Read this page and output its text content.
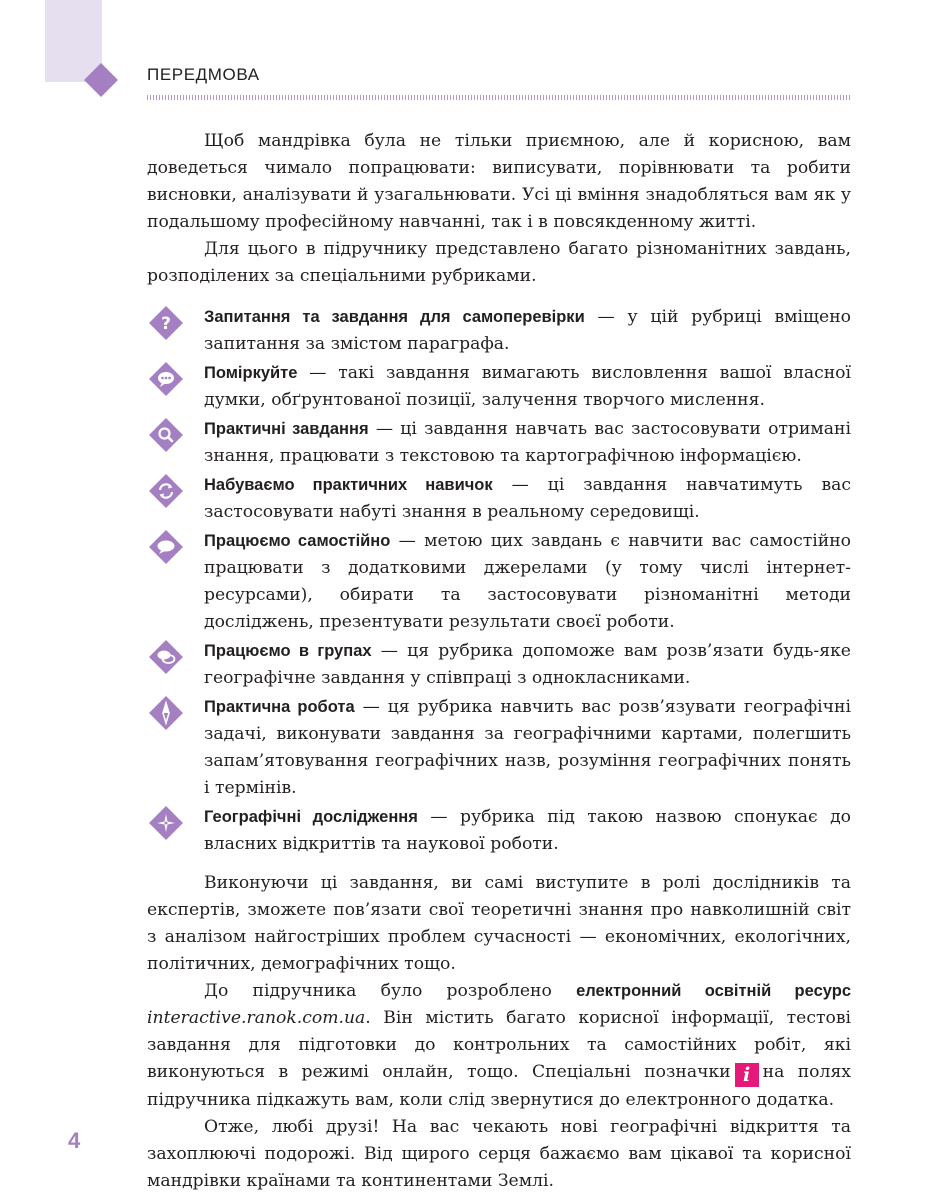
ПЕРЕДМОВА

Щоб мандрівка була не тільки приємною, але й корисною, вам доведеться чимало попрацювати: виписувати, порівнювати та робити висновки, аналізувати й узагальнювати. Усі ці вміння знадобляться вам як у подальшому професійному навчанні, так і в повсякденному житті.

Для цього в підручнику представлено багато різноманітних завдань, розподілених за спеціальними рубриками.

? Запитання та завдання для самоперевірки — у цій рубриці вміщено запитання за змістом параграфа.
Поміркуйте — такі завдання вимагають висловлення вашої власної думки, обґрунтованої позиції, залучення творчого мислення.
Практичні завдання — ці завдання навчать вас застосовувати отримані знання, працювати з текстовою та картографічною інформацією.
Набуваємо практичних навичок — ці завдання навчатимуть вас застосовувати набуті знання в реальному середовищі.
Працюємо самостійно — метою цих завдань є навчити вас самостійно працювати з додатковими джерелами (у тому числі інтернет-ресурсами), обирати та застосовувати різноманітні методи досліджень, презентувати результати своєї роботи.
Працюємо в групах — ця рубрика допоможе вам розв’язати будь-яке географічне завдання у співпраці з однокласниками.
Практична робота — ця рубрика навчить вас розв’язувати географічні задачі, виконувати завдання за географічними картами, полегшить запам’ятовування географічних назв, розуміння географічних понять і термінів.
Географічні дослідження — рубрика під такою назвою спонукає до власних відкриттів та наукової роботи.

Виконуючи ці завдання, ви самі виступите в ролі дослідників та експертів, зможете пов’язати свої теоретичні знання про навколишній світ з аналізом найгостріших проблем сучасності — економічних, екологічних, політичних, демографічних тощо.

До підручника було розроблено електронний освітній ресурс interactive.ranok.com.ua. Він містить багато корисної інформації, тестові завдання для підготовки до контрольних та самостійних робіт, які виконуються в режимі онлайн, тощо. Спеціальні позначки i на полях підручника підкажуть вам, коли слід звернутися до електронного додатка.

Отже, любі друзі! На вас чекають нові географічні відкриття та захоплюючі подорожі. Від щирого серця бажаємо вам цікавої та корисної мандрівки країнами та континентами Землі.

4
